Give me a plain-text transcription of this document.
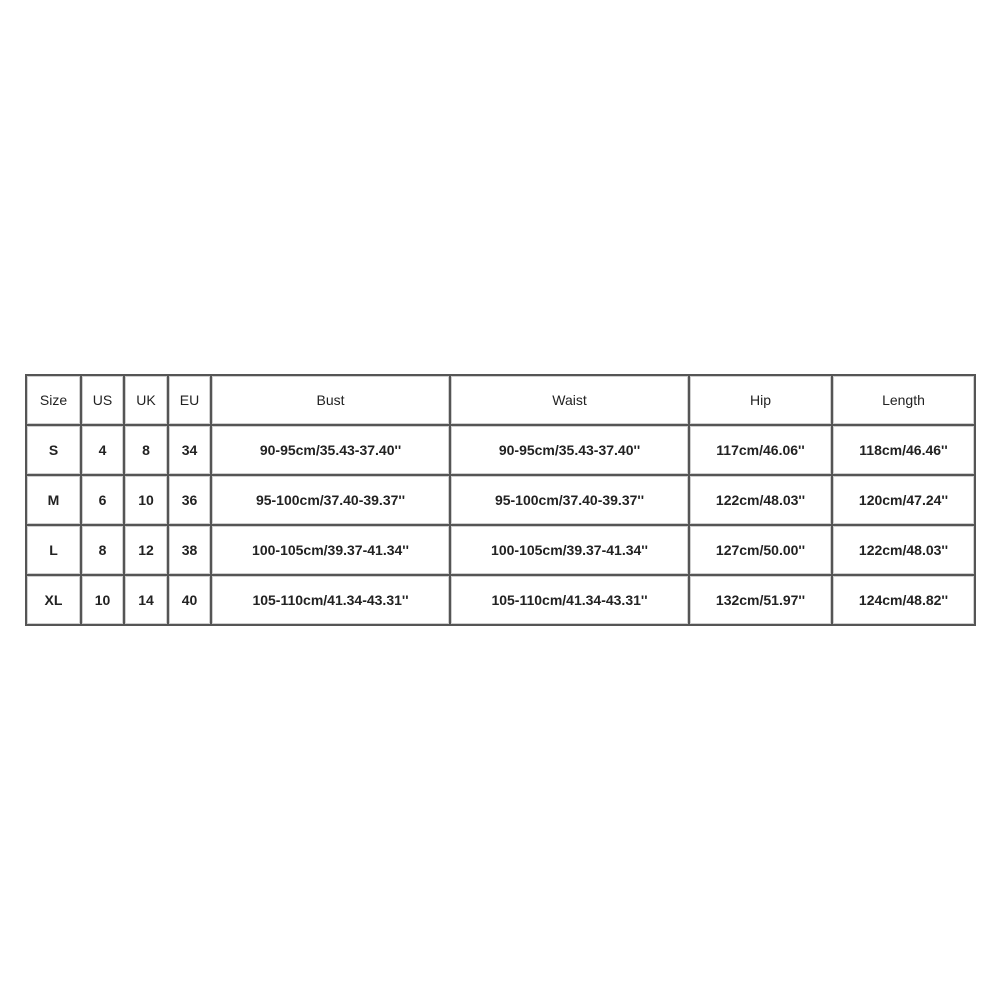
Size	US	UK	EU	Bust	Waist	Hip	Length
S	4	8	34	90-95cm/35.43-37.40''	90-95cm/35.43-37.40''	117cm/46.06''	118cm/46.46''
M	6	10	36	95-100cm/37.40-39.37''	95-100cm/37.40-39.37''	122cm/48.03''	120cm/47.24''
L	8	12	38	100-105cm/39.37-41.34''	100-105cm/39.37-41.34''	127cm/50.00''	122cm/48.03''
XL	10	14	40	105-110cm/41.34-43.31''	105-110cm/41.34-43.31''	132cm/51.97''	124cm/48.82''
